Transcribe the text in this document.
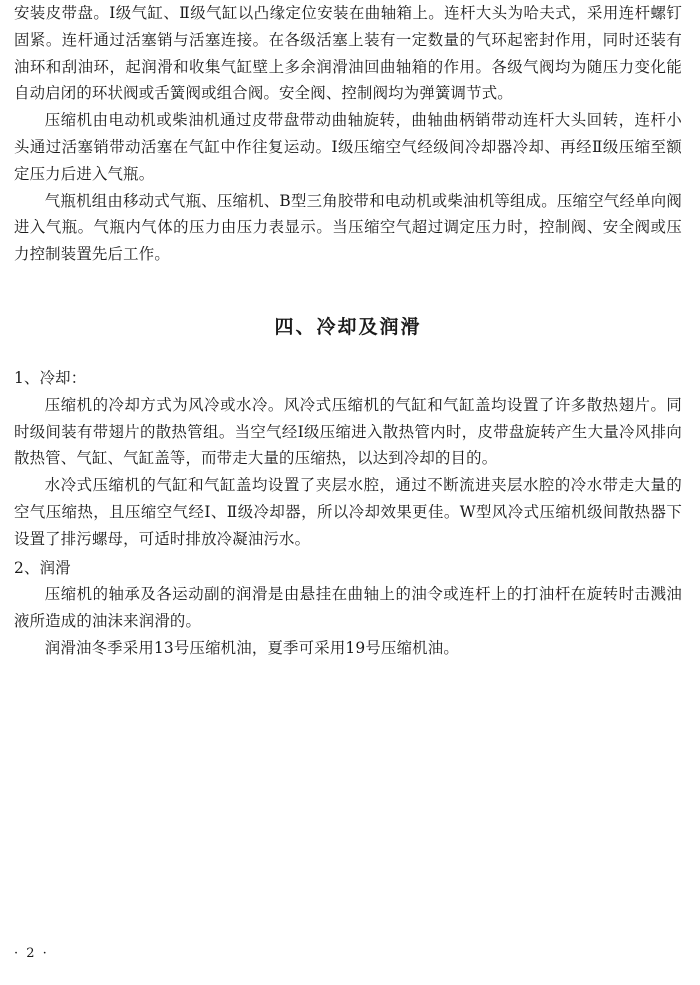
安装皮带盘。I级气缸、Ⅱ级气缸以凸缘定位安装在曲轴箱上。连杆大头为哈夫式，采用连杆螺钉固紧。连杆通过活塞销与活塞连接。在各级活塞上装有一定数量的气环起密封作用，同时还装有油环和刮油环，起润滑和收集气缸壁上多余润滑油回曲轴箱的作用。各级气阀均为随压力变化能自动启闭的环状阀或舌簧阀或组合阀。安全阀、控制阀均为弹簧调节式。

压缩机由电动机或柴油机通过皮带盘带动曲轴旋转，曲轴曲柄销带动连杆大头回转，连杆小头通过活塞销带动活塞在气缸中作往复运动。I级压缩空气经级间冷却器冷却、再经Ⅱ级压缩至额定压力后进入气瓶。

气瓶机组由移动式气瓶、压缩机、B型三角胶带和电动机或柴油机等组成。压缩空气经单向阀进入气瓶。气瓶内气体的压力由压力表显示。当压缩空气超过调定压力时，控制阀、安全阀或压力控制装置先后工作。

四、冷却及润滑

1、冷却：

压缩机的冷却方式为风冷或水冷。风冷式压缩机的气缸和气缸盖均设置了许多散热翅片。同时级间装有带翅片的散热管组。当空气经I级压缩进入散热管内时，皮带盘旋转产生大量冷风排向散热管、气缸、气缸盖等，而带走大量的压缩热，以达到冷却的目的。

水冷式压缩机的气缸和气缸盖均设置了夹层水腔，通过不断流进夹层水腔的冷水带走大量的空气压缩热，且压缩空气经I、Ⅱ级冷却器，所以冷却效果更佳。W型风冷式压缩机级间散热器下设置了排污螺母，可适时排放冷凝油污水。

2、润滑

压缩机的轴承及各运动副的润滑是由悬挂在曲轴上的油令或连杆上的打油杆在旋转时击溅油液所造成的油沫来润滑的。

润滑油冬季采用13号压缩机油，夏季可采用19号压缩机油。

· 2 ·
